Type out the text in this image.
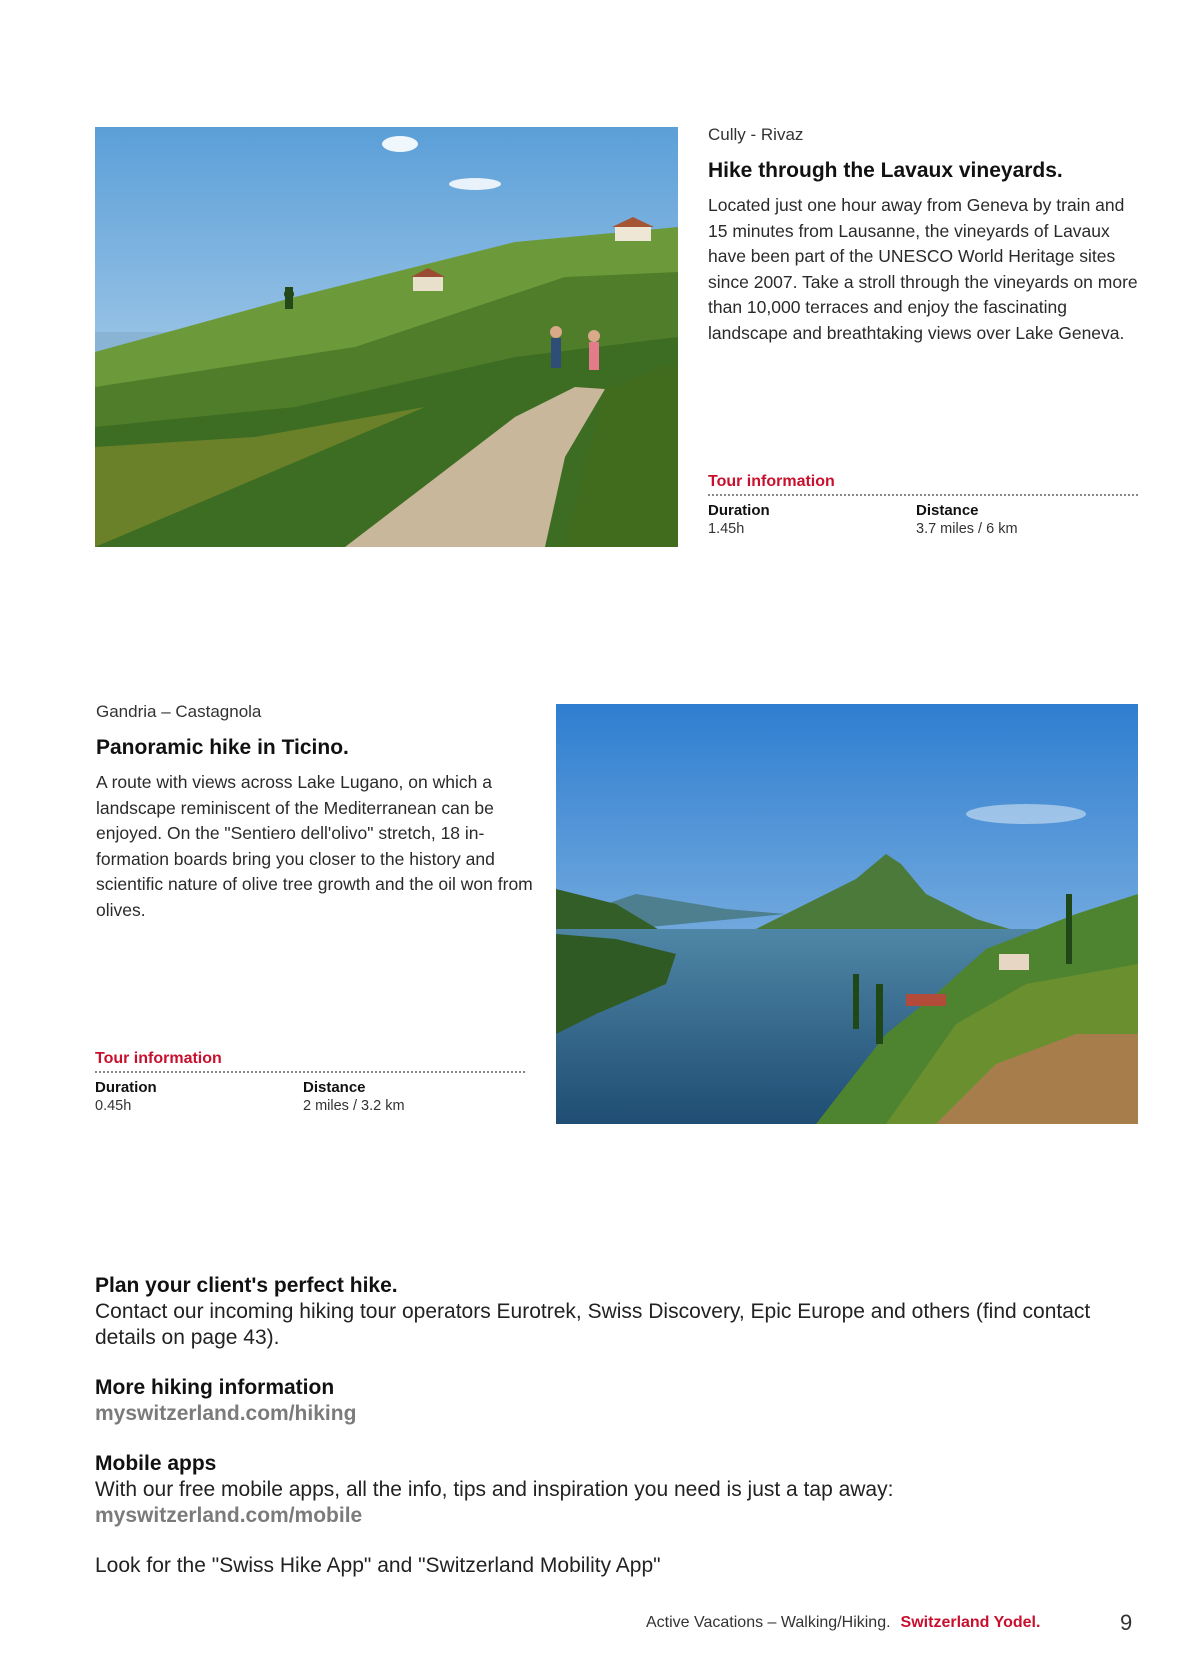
Cully - Rivaz
Hike through the Lavaux vineyards.
Located just one hour away from Geneva by train and 15 minutes from Lausanne, the vineyards of Lavaux have been part of the UNESCO World Heritage sites since 2007. Take a stroll through the vineyards on more than 10,000 terraces and enjoy the fascinating landscape and breathtaking views over Lake Geneva.
Tour information
Duration
1.45h
Distance
3.7 miles / 6 km
Gandria – Castagnola
Panoramic hike in Ticino.
A route with views across Lake Lugano, on which a landscape reminiscent of the Mediterranean can be enjoyed. On the "Sentiero dell'olivo" stretch, 18 in-formation boards bring you closer to the history and scientific nature of olive tree growth and the oil won from olives.
Tour information
Duration
0.45h
Distance
2 miles / 3.2 km
Plan your client's perfect hike.

Contact our incoming hiking tour operators Eurotrek, Swiss Discovery, Epic Europe and others (find contact details on page 43).

More hiking information
myswitzerland.com/hiking
Mobile apps

With our free mobile apps, all the info, tips and inspiration you need is just a tap away:

myswitzerland.com/mobile

Look for the "Swiss Hike App" and "Switzerland Mobility App"

Active Vacations – Walking/Hiking. Switzerland Yodel.	9
